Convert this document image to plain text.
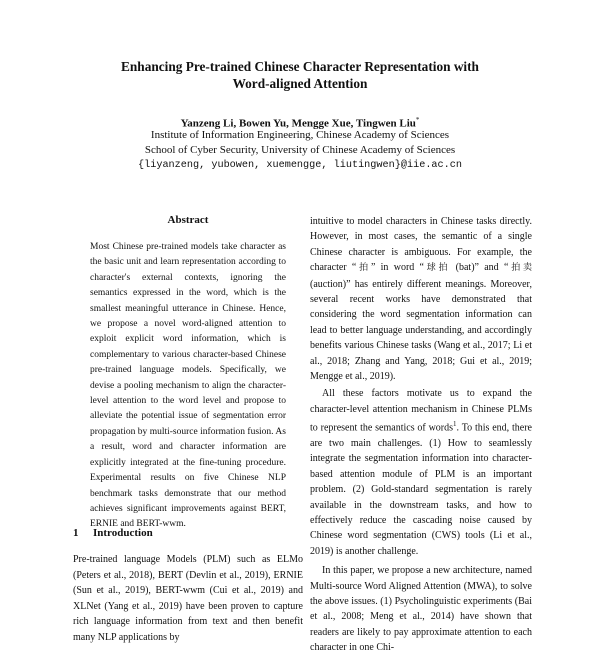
Enhancing Pre-trained Chinese Character Representation with
Word-aligned Attention
Yanzeng Li, Bowen Yu, Mengge Xue, Tingwen Liu*
Institute of Information Engineering, Chinese Academy of Sciences
School of Cyber Security, University of Chinese Academy of Sciences
{liyanzeng, yubowen, xuemengge, liutingwen}@iie.ac.cn
Abstract
Most Chinese pre-trained models take character as the basic unit and learn representation according to character's external contexts, ignoring the semantics expressed in the word, which is the smallest meaningful utterance in Chinese. Hence, we propose a novel word-aligned attention to exploit explicit word information, which is complementary to various character-based Chinese pre-trained language models. Specifically, we devise a pooling mechanism to align the character-level attention to the word level and propose to alleviate the potential issue of segmentation error propagation by multi-source information fusion. As a result, word and character information are explicitly integrated at the fine-tuning procedure. Experimental results on five Chinese NLP benchmark tasks demonstrate that our method achieves significant improvements against BERT, ERNIE and BERT-wwm.
1 Introduction
Pre-trained language Models (PLM) such as ELMo (Peters et al., 2018), BERT (Devlin et al., 2019), ERNIE (Sun et al., 2019), BERT-wwm (Cui et al., 2019) and XLNet (Yang et al., 2019) have been proven to capture rich language information from text and then benefit many NLP applications by

intuitive to model characters in Chinese tasks directly. However, in most cases, the semantic of a single Chinese character is ambiguous. For example, the character “拍” in word “球拍 (bat)” and “拍卖 (auction)” has entirely different meanings. Moreover, several recent works have demonstrated that considering the word segmentation information can lead to better language understanding, and accordingly benefits various Chinese tasks (Wang et al., 2017; Li et al., 2018; Zhang and Yang, 2018; Gui et al., 2019; Mengge et al., 2019).

All these factors motivate us to expand the character-level attention mechanism in Chinese PLMs to represent the semantics of words$^1$. To this end, there are two main challenges. (1) How to seamlessly integrate the segmentation information into character-based attention module of PLM is an important problem. (2) Gold-standard segmentation is rarely available in the downstream tasks, and how to effectively reduce the cascading noise caused by Chinese word segmentation (CWS) tools (Li et al., 2019) is another challenge.

In this paper, we propose a new architecture, named Multi-source Word Aligned Attention (MWA), to solve the above issues. (1) Psycholinguistic experiments (Bai et al., 2008; Meng et al., 2014) have shown that readers are likely to pay approximate attention to each character in one Chi-
